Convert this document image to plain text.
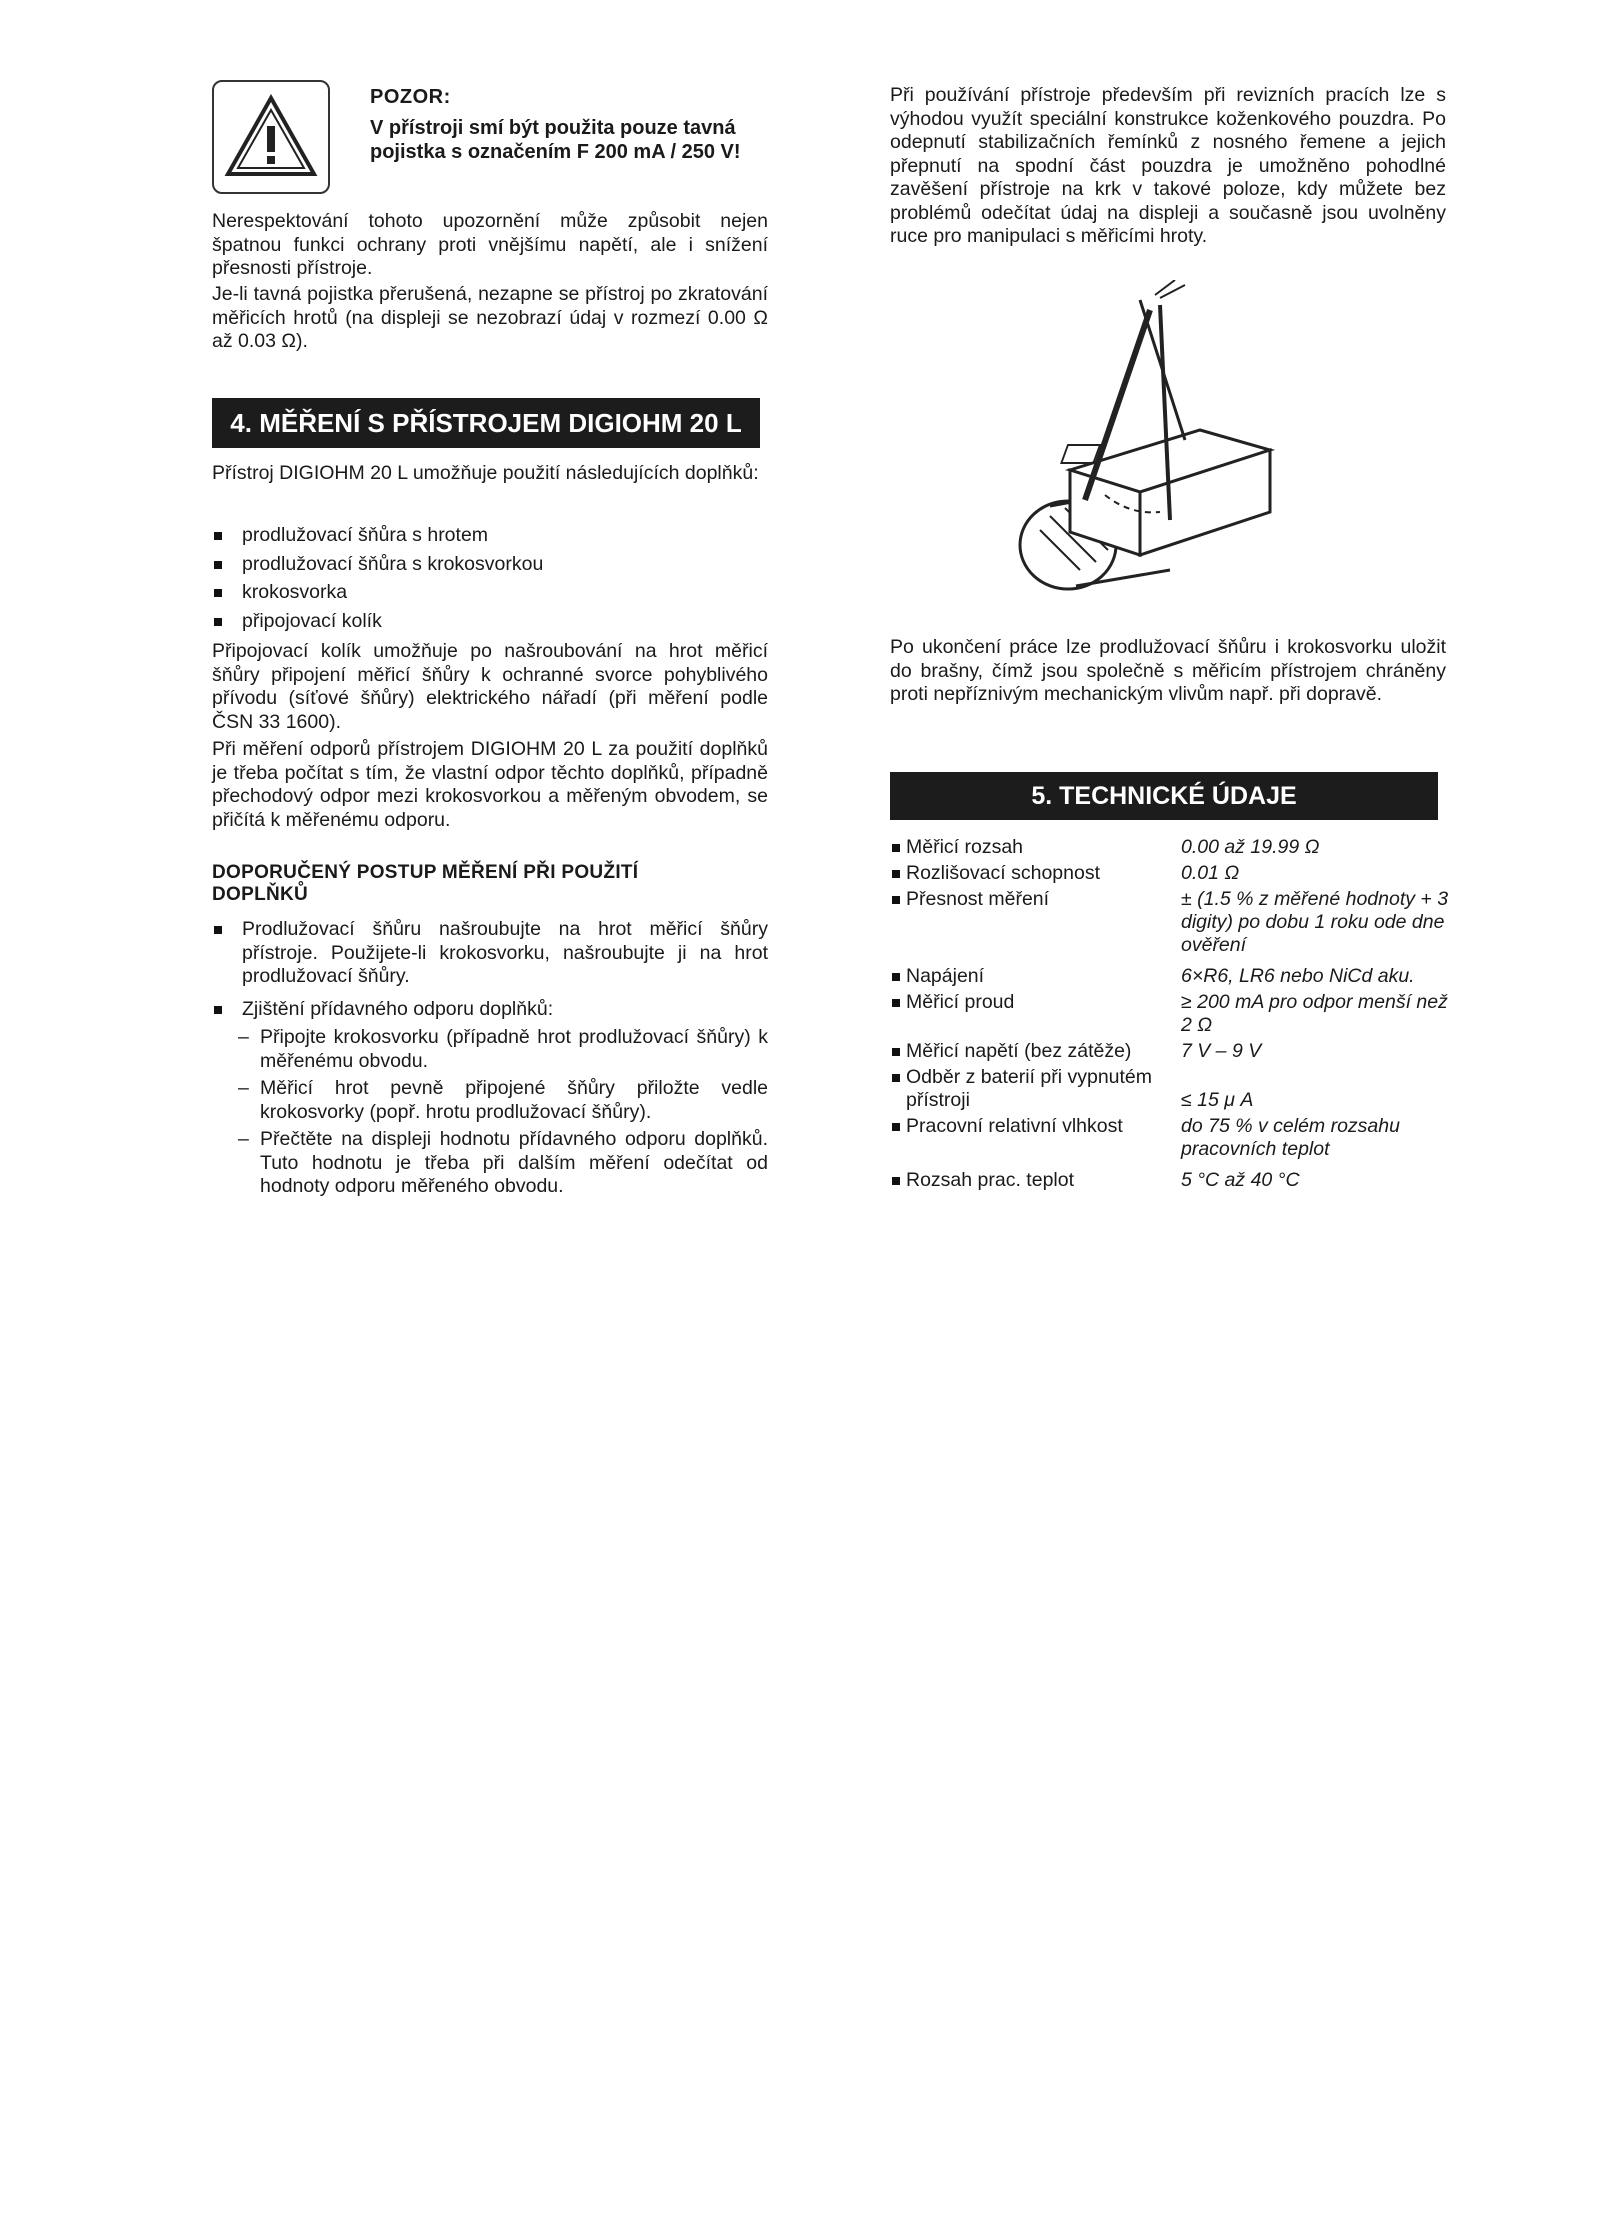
POZOR:
V přístroji smí být použita pouze tavná pojistka s označením F 200 mA / 250 V!

Nerespektování tohoto upozornění může způsobit nejen špatnou funkci ochrany proti vnějšímu napětí, ale i snížení přesnosti přístroje.

Je-li tavná pojistka přerušená, nezapne se přístroj po zkratování měřicích hrotů (na displeji se nezobrazí údaj v rozmezí 0.00 Ω až 0.03 Ω).

4. MĚŘENÍ S PŘÍSTROJEM DIGIOHM 20 L

Přístroj DIGIOHM 20 L umožňuje použití následujících doplňků:

prodlužovací šňůra s hrotem
prodlužovací šňůra s krokosvorkou
krokosvorka
připojovací kolík

Připojovací kolík umožňuje po našroubování na hrot měřicí šňůry připojení měřicí šňůry k ochranné svorce pohyblivého přívodu (síťové šňůry) elektrického nářadí (při měření podle ČSN 33 1600).

Při měření odporů přístrojem DIGIOHM 20 L za použití doplňků je třeba počítat s tím, že vlastní odpor těchto doplňků, případně přechodový odpor mezi krokosvorkou a měřeným obvodem, se přičítá k měřenému odporu.

DOPORUČENÝ POSTUP MĚŘENÍ PŘI POUŽITÍ DOPLŇKŮ
Prodlužovací šňůru našroubujte na hrot měřicí šňůry přístroje. Použijete-li krokosvorku, našroubujte ji na hrot prodlužovací šňůry.
Zjištění přídavného odporu doplňků:
– Připojte krokosvorku (případně hrot prodlužovací šňůry) k měřenému obvodu.
– Měřicí hrot pevně připojené šňůry přiložte vedle krokosvorky (popř. hrotu prodlužovací šňůry).
– Přečtěte na displeji hodnotu přídavného odporu doplňků. Tuto hodnotu je třeba při dalším měření odečítat od hodnoty odporu měřeného obvodu.

Při používání přístroje především při revizních pracích lze s výhodou využít speciální konstrukce koženkového pouzdra. Po odepnutí stabilizačních řemínků z nosného řemene a jejich přepnutí na spodní část pouzdra je umožněno pohodlné zavěšení přístroje na krk v takové poloze, kdy můžete bez problémů odečítat údaj na displeji a současně jsou uvolněny ruce pro manipulaci s měřicími hroty.

Po ukončení práce lze prodlužovací šňůru i krokosvorku uložit do brašny, čímž jsou společně s měřicím přístrojem chráněny proti nepříznivým mechanickým vlivům např. při dopravě.

5. TECHNICKÉ ÚDAJE
Měřicí rozsah	0.00 až 19.99 Ω
Rozlišovací schopnost	0.01 Ω
Přesnost měření	± (1.5 % z měřené hodnoty + 3 digity) po dobu 1 roku ode dne ověření
Napájení	6×R6, LR6 nebo NiCd aku.
Měřicí proud	≥ 200 mA pro odpor menší než 2 Ω
Měřicí napětí (bez zátěže)	7 V – 9 V
Odběr z baterií při vypnutém přístroji	≤ 15 μ A
Pracovní relativní vlhkost	do 75 % v celém rozsahu pracovních teplot
Rozsah prac. teplot	5 °C až 40 °C
